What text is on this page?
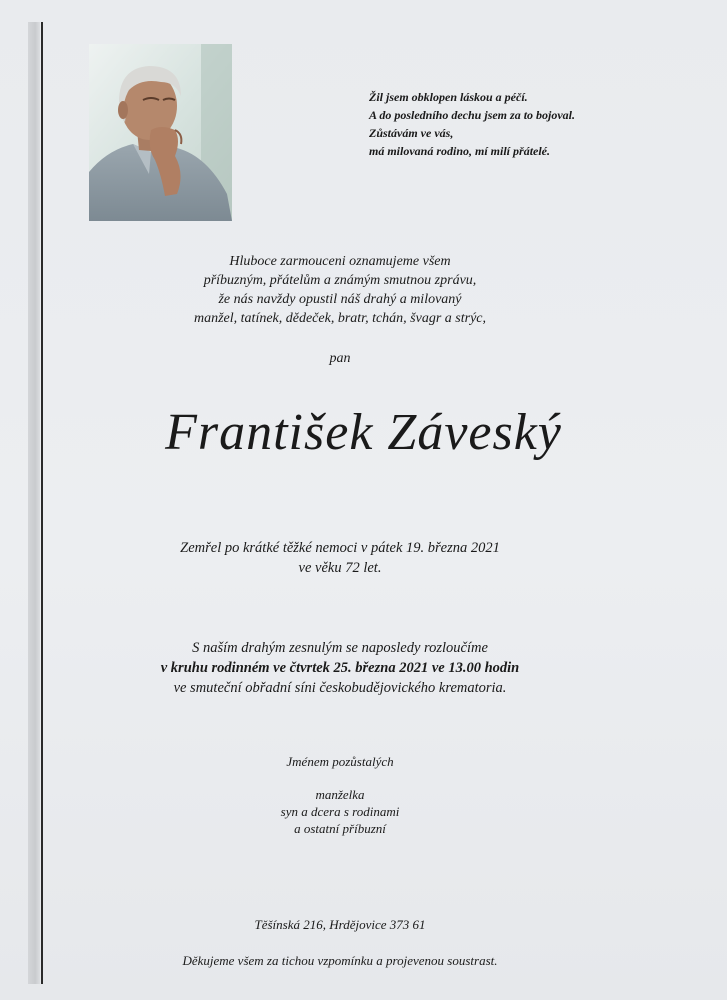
Žil jsem obklopen láskou a péčí.
A do posledního dechu jsem za to bojoval.
Zůstávám ve vás,
má milovaná rodino, mí milí přátelé.
Hluboce zarmouceni oznamujeme všem
příbuzným, přátelům a známým smutnou zprávu,
že nás navždy opustil náš drahý a milovaný
manžel, tatínek, dědeček, bratr, tchán, švagr a strýc,
pan
František Záveský
Zemřel po krátké těžké nemoci v pátek 19. března 2021
ve věku 72 let.
S naším drahým zesnulým se naposledy rozloučíme
v kruhu rodinném ve čtvrtek 25. března 2021 ve 13.00 hodin
ve smuteční obřadní síni českobudějovického krematoria.
Jménem pozůstalých
manželka
syn a dcera s rodinami
a ostatní příbuzní
Těšínská 216, Hrdějovice 373 61
Děkujeme všem za tichou vzpomínku a projevenou soustrast.
